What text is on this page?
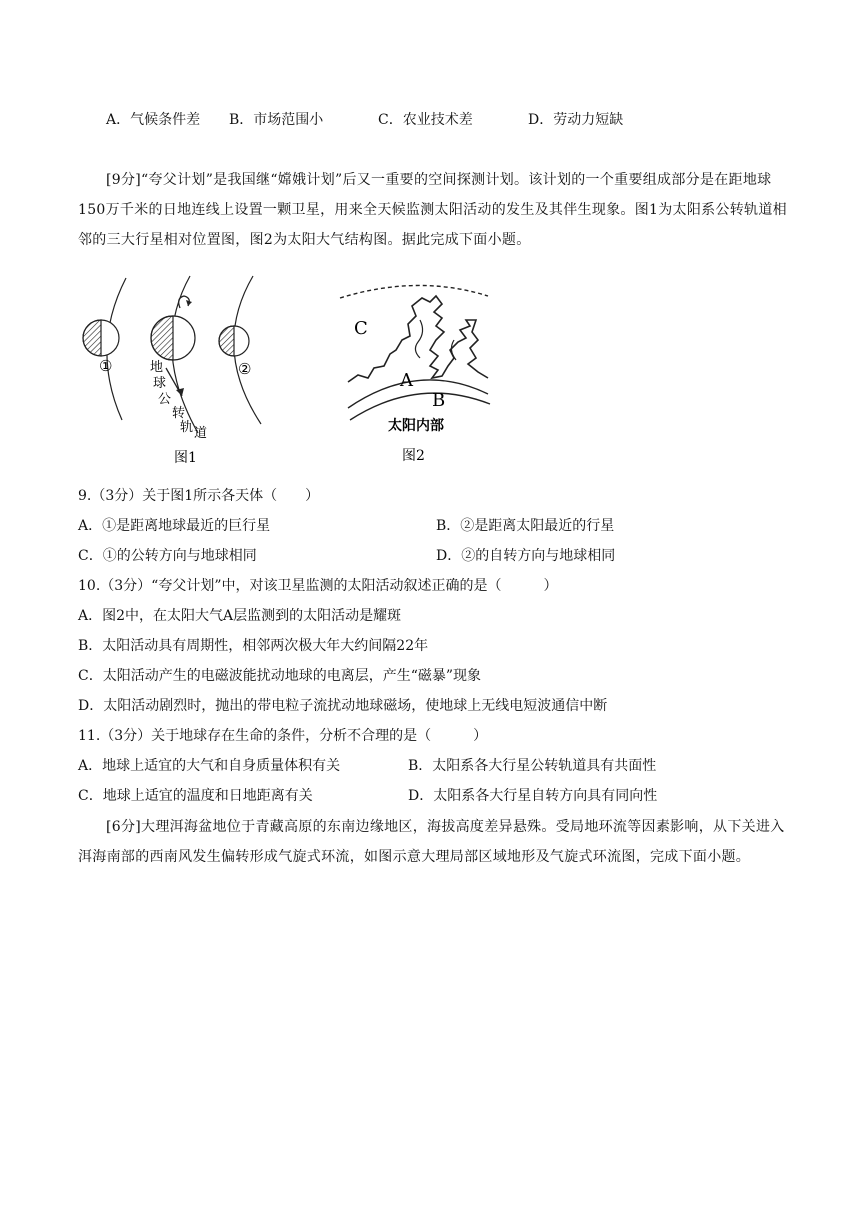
A．气候条件差 B．市场范围小	C．农业技术差	D．劳动力短缺
[9分]“夸父计划”是我国继“嫦娥计划”后又一重要的空间探测计划。该计划的一个重要组成部分是在距地球150万千米的日地连线上设置一颗卫星，用来全天候监测太阳活动的发生及其伴生现象。图1为太阳系公转轨道相邻的三大行星相对位置图，图2为太阳大气结构图。据此完成下面小题。
①	②
地
球
公
转
轨 道
图1
C
A
B
太阳内部
图2
9.（3分）关于图1所示各天体（　　）
A．①是距离地球最近的巨行星	B．②是距离太阳最近的行星
C．①的公转方向与地球相同	D．②的自转方向与地球相同
10.（3分）“夸父计划”中，对该卫星监测的太阳活动叙述正确的是（　　　）
A．图2中，在太阳大气A层监测到的太阳活动是耀斑
B．太阳活动具有周期性，相邻两次极大年大约间隔22年
C．太阳活动产生的电磁波能扰动地球的电离层，产生“磁暴”现象
D．太阳活动剧烈时，抛出的带电粒子流扰动地球磁场，使地球上无线电短波通信中断
11.（3分）关于地球存在生命的条件，分析不合理的是（　　　）
A．地球上适宜的大气和自身质量体积有关	B．太阳系各大行星公转轨道具有共面性
C．地球上适宜的温度和日地距离有关	D．太阳系各大行星自转方向具有同向性
[6分]大理洱海盆地位于青藏高原的东南边缘地区，海拔高度差异悬殊。受局地环流等因素影响，从下关进入洱海南部的西南风发生偏转形成气旋式环流，如图示意大理局部区域地形及气旋式环流图，完成下面小题。
